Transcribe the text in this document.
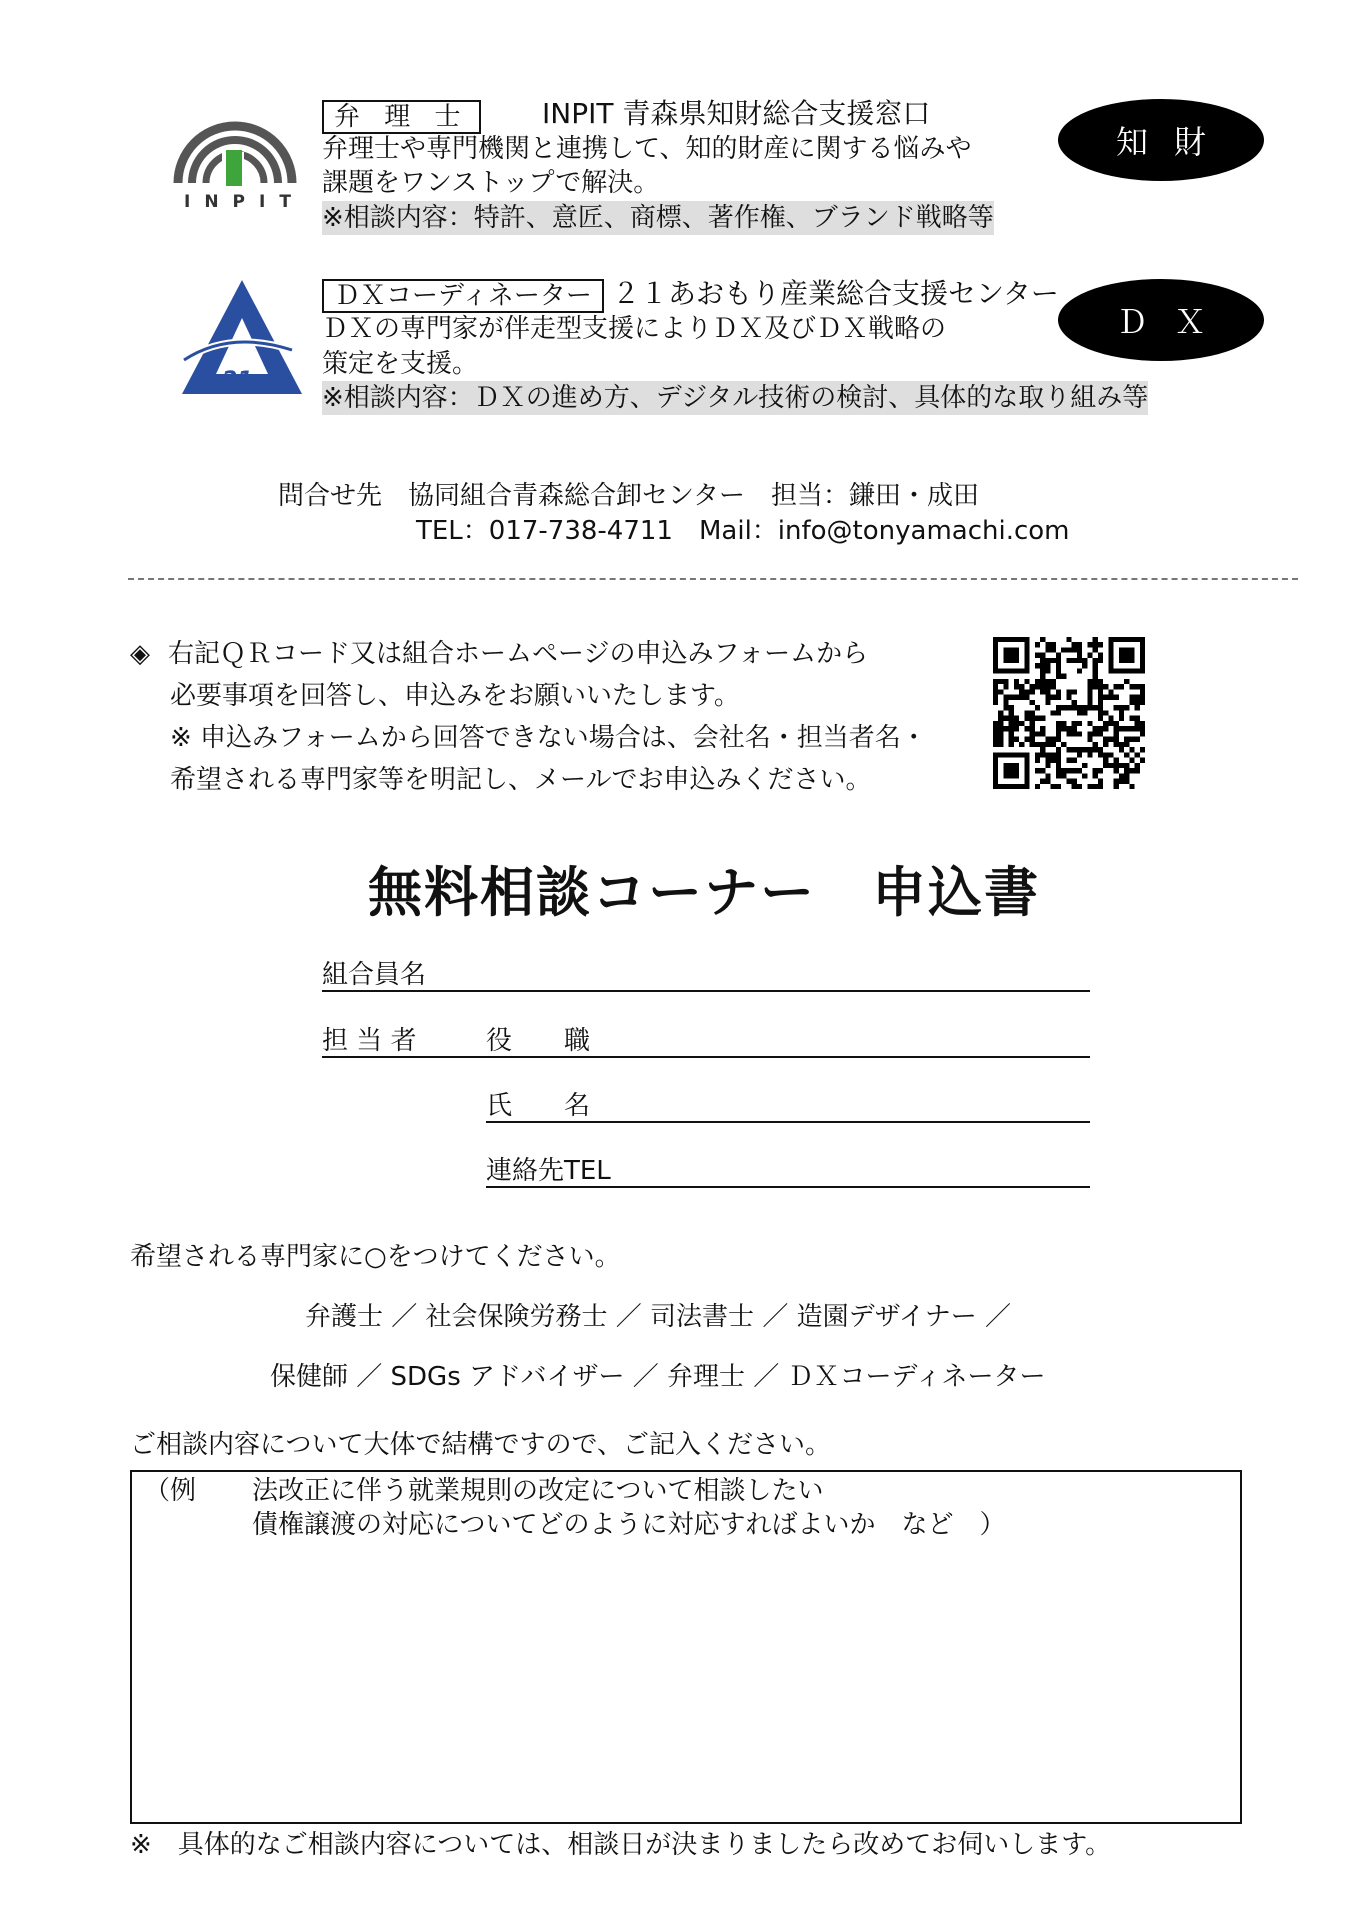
INPIT
弁 理 士	INPIT 青森県知財総合支援窓口
弁理士や専門機関と連携して、知的財産に関する悩みや
課題をワンストップで解決。
※相談内容：特許、意匠、商標、著作権、ブランド戦略等
知財
21
ＤＸコーディネーター ２１あおもり産業総合支援センター
ＤＸの専門家が伴走型支援によりＤＸ及びＤＸ戦略の
策定を支援。
※相談内容：ＤＸの進め方、デジタル技術の検討、具体的な取り組み等
ＤＸ
問合せ先　協同組合青森総合卸センター　担当：鎌田・成田
TEL：017-738-4711　Mail：info@tonyamachi.com
◈ 右記ＱＲコード又は組合ホームページの申込みフォームから
必要事項を回答し、申込みをお願いいたします。
※ 申込みフォームから回答できない場合は、会社名・担当者名・
希望される専門家等を明記し、メールでお申込みください。
無料相談コーナー　申込書
組合員名
担 当 者	役　　職
氏　　名
連絡先TEL
希望される専門家に○をつけてください。
弁護士 ／ 社会保険労務士 ／ 司法書士 ／ 造園デザイナー ／
保健師 ／ SDGs アドバイザー ／ 弁理士 ／ ＤＸコーディネーター
ご相談内容について大体で結構ですので、ご記入ください。
（例 法改正に伴う就業規則の改定について相談したい
債権譲渡の対応についてどのように対応すればよいか　など　）
※　具体的なご相談内容については、相談日が決まりましたら改めてお伺いします。
